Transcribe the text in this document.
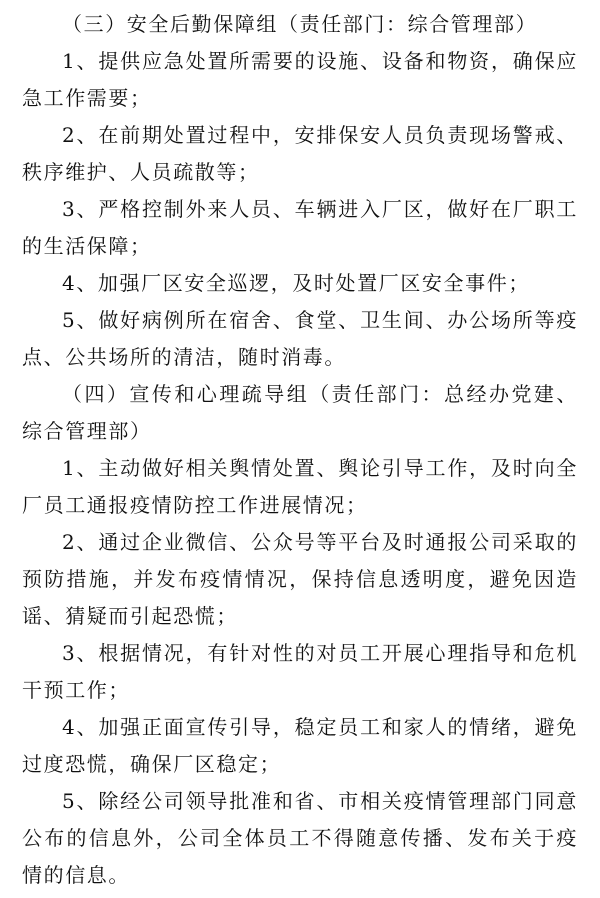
（三）安全后勤保障组（责任部门：综合管理部）

1、提供应急处置所需要的设施、设备和物资，确保应急工作需要；

2、在前期处置过程中，安排保安人员负责现场警戒、秩序维护、人员疏散等；

3、严格控制外来人员、车辆进入厂区，做好在厂职工的生活保障；

4、加强厂区安全巡逻，及时处置厂区安全事件；

5、做好病例所在宿舍、食堂、卫生间、办公场所等疫点、公共场所的清洁，随时消毒。

（四）宣传和心理疏导组（责任部门：总经办党建、综合管理部）

1、主动做好相关舆情处置、舆论引导工作，及时向全厂员工通报疫情防控工作进展情况；

2、通过企业微信、公众号等平台及时通报公司采取的预防措施，并发布疫情情况，保持信息透明度，避免因造谣、猜疑而引起恐慌；

3、根据情况，有针对性的对员工开展心理指导和危机干预工作；

4、加强正面宣传引导，稳定员工和家人的情绪，避免过度恐慌，确保厂区稳定；

5、除经公司领导批准和省、市相关疫情管理部门同意公布的信息外，公司全体员工不得随意传播、发布关于疫情的信息。
